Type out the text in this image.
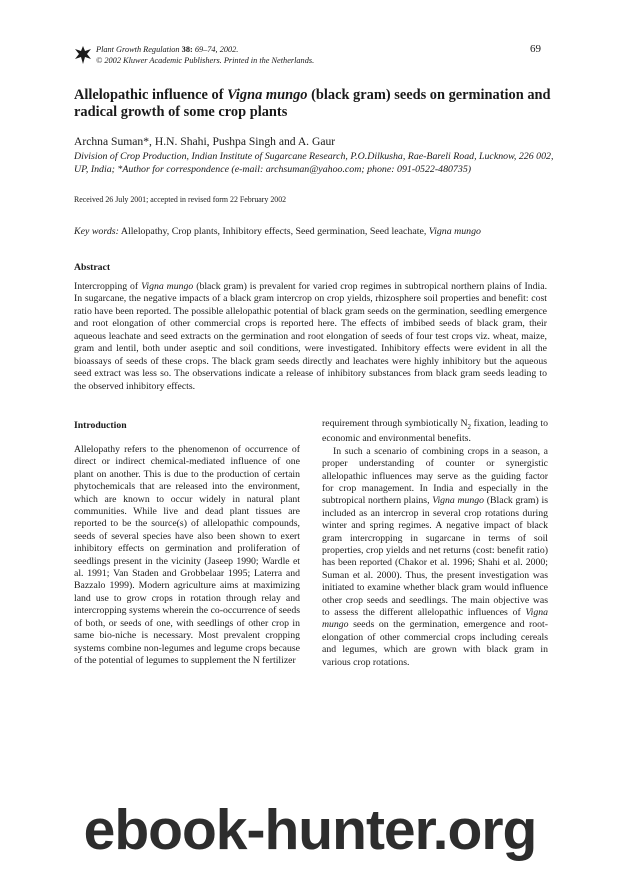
Plant Growth Regulation 38: 69–74, 2002.
© 2002 Kluwer Academic Publishers. Printed in the Netherlands.
69
Allelopathic influence of Vigna mungo (black gram) seeds on germination and radical growth of some crop plants
Archna Suman*, H.N. Shahi, Pushpa Singh and A. Gaur
Division of Crop Production, Indian Institute of Sugarcane Research, P.O.Dilkusha, Rae-Bareli Road, Lucknow, 226 002, UP, India; *Author for correspondence (e-mail: archsuman@yahoo.com; phone: 091-0522-480735)
Received 26 July 2001; accepted in revised form 22 February 2002
Key words: Allelopathy, Crop plants, Inhibitory effects, Seed germination, Seed leachate, Vigna mungo
Abstract
Intercropping of Vigna mungo (black gram) is prevalent for varied crop regimes in subtropical northern plains of India. In sugarcane, the negative impacts of a black gram intercrop on crop yields, rhizosphere soil properties and benefit: cost ratio have been reported. The possible allelopathic potential of black gram seeds on the germination, seedling emergence and root elongation of other commercial crops is reported here. The effects of imbibed seeds of black gram, their aqueous leachate and seed extracts on the germination and root elongation of seeds of four test crops viz. wheat, maize, gram and lentil, both under aseptic and soil conditions, were investigated. Inhibitory effects were evident in all the bioassays of seeds of these crops. The black gram seeds directly and leachates were highly inhibitory but the aqueous seed extract was less so. The observations indicate a release of inhibitory substances from black gram seeds leading to the observed inhibitory effects.
Introduction

Allelopathy refers to the phenomenon of occurrence of direct or indirect chemical-mediated influence of one plant on another. This is due to the production of certain phytochemicals that are released into the environment, which are known to occur widely in natural plant communities. While live and dead plant tissues are reported to be the source(s) of allelopathic compounds, seeds of several species have also been shown to exert inhibitory effects on germination and proliferation of seedlings present in the vicinity (Jaseep 1990; Wardle et al. 1991; Van Staden and Grobbelaar 1995; Laterra and Bazzalo 1999). Modern agriculture aims at maximizing land use to grow crops in rotation through relay and intercropping systems wherein the co-occurrence of seeds of both, or seeds of one, with seedlings of other crop in same bio-niche is necessary. Most prevalent cropping systems combine non-legumes and legume crops because of the potential of legumes to supplement the N fertilizer

requirement through symbiotically $N_2$ fixation, leading to economic and environmental benefits.

In such a scenario of combining crops in a season, a proper understanding of counter or synergistic allelopathic influences may serve as the guiding factor for crop management. In India and especially in the subtropical northern plains, Vigna mungo (Black gram) is included as an intercrop in several crop rotations during winter and spring regimes. A negative impact of black gram intercropping in sugarcane in terms of soil properties, crop yields and net returns (cost: benefit ratio) has been reported (Chakor et al. 1996; Shahi et al. 2000; Suman et al. 2000). Thus, the present investigation was initiated to examine whether black gram would influence other crop seeds and seedlings. The main objective was to assess the different allelopathic influences of Vigna mungo seeds on the germination, emergence and root-elongation of other commercial crops including cereals and legumes, which are grown with black gram in various crop rotations.

ebook-hunter.org
